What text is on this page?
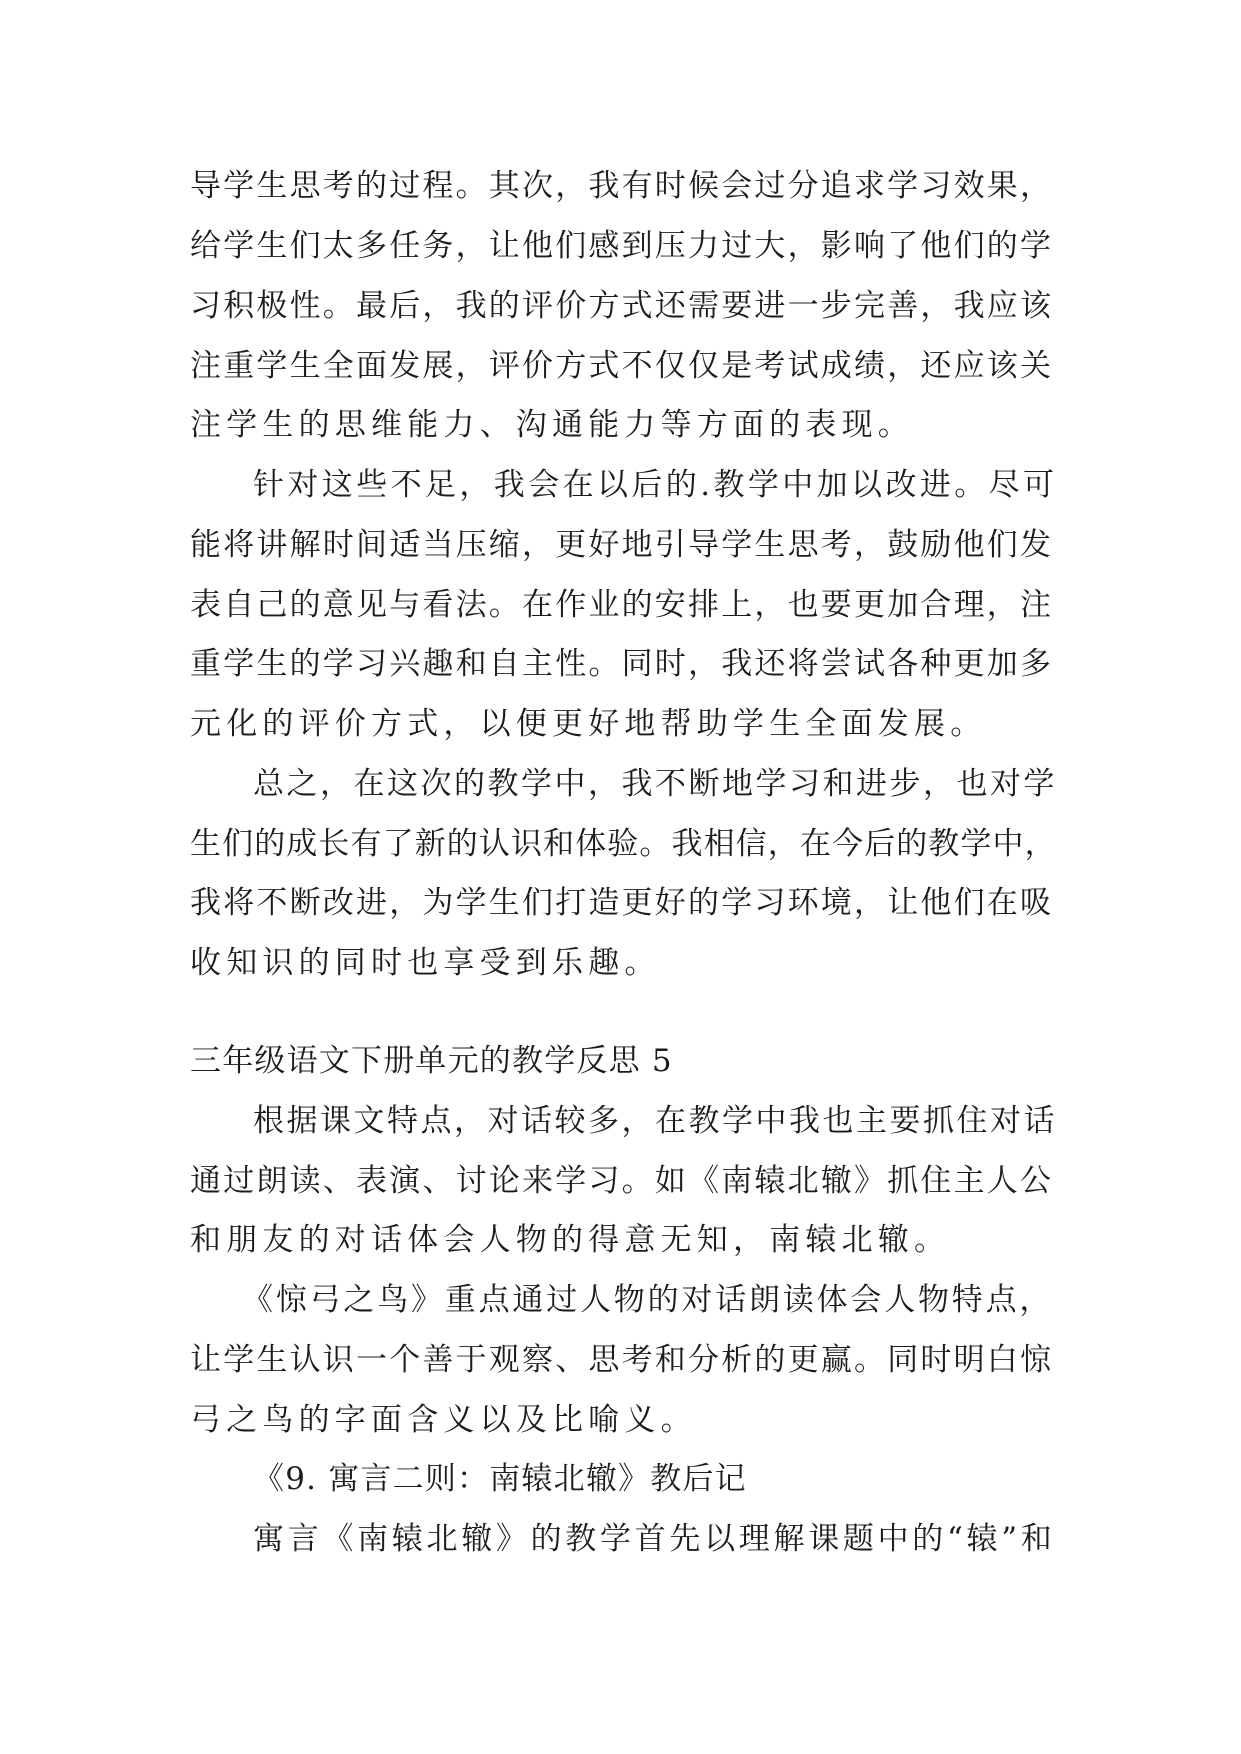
导学生思考的过程。其次，我有时候会过分追求学习效果，
给学生们太多任务，让他们感到压力过大，影响了他们的学
习积极性。最后，我的评价方式还需要进一步完善，我应该
注重学生全面发展，评价方式不仅仅是考试成绩，还应该关
注学生的思维能力、沟通能力等方面的表现。
针对这些不足，我会在以后的.教学中加以改进。尽可
能将讲解时间适当压缩，更好地引导学生思考，鼓励他们发
表自己的意见与看法。在作业的安排上，也要更加合理，注
重学生的学习兴趣和自主性。同时，我还将尝试各种更加多
元化的评价方式，以便更好地帮助学生全面发展。
总之，在这次的教学中，我不断地学习和进步，也对学
生们的成长有了新的认识和体验。我相信，在今后的教学中，
我将不断改进，为学生们打造更好的学习环境，让他们在吸
收知识的同时也享受到乐趣。
三年级语文下册单元的教学反思 5
根据课文特点，对话较多，在教学中我也主要抓住对话
通过朗读、表演、讨论来学习。如《南辕北辙》抓住主人公
和朋友的对话体会人物的得意无知，南辕北辙。
《惊弓之鸟》重点通过人物的对话朗读体会人物特点，
让学生认识一个善于观察、思考和分析的更赢。同时明白惊
弓之鸟的字面含义以及比喻义。
《9. 寓言二则：南辕北辙》教后记
寓言《南辕北辙》的教学首先以理解课题中的“辕”和
